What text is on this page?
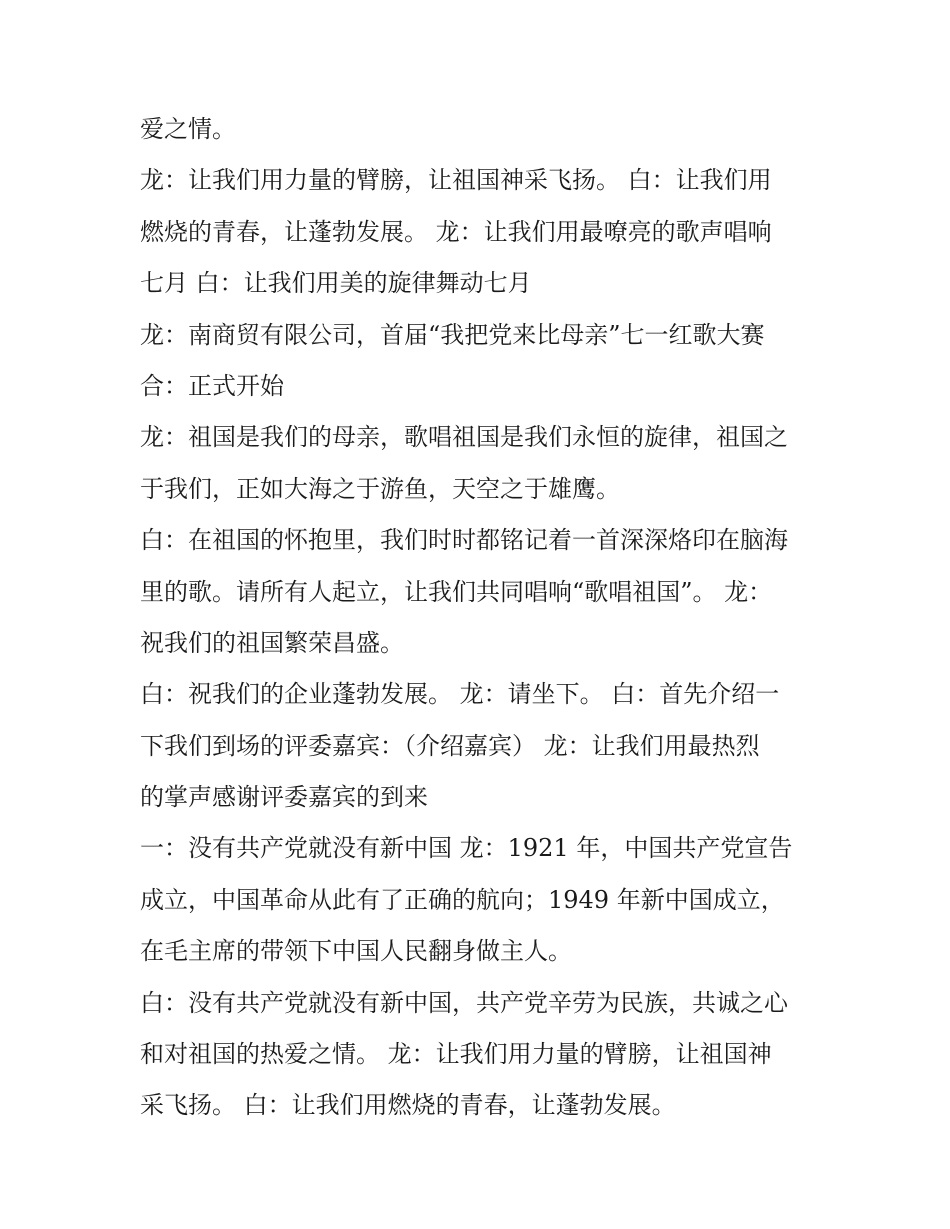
爱之情。
龙：让我们用力量的臂膀，让祖国神采飞扬。 白：让我们用
燃烧的青春，让蓬勃发展。 龙：让我们用最嘹亮的歌声唱响
七月 白：让我们用美的旋律舞动七月
龙：南商贸有限公司，首届“我把党来比母亲”七一红歌大赛
合：正式开始
龙：祖国是我们的母亲，歌唱祖国是我们永恒的旋律，祖国之
于我们，正如大海之于游鱼，天空之于雄鹰。
白：在祖国的怀抱里，我们时时都铭记着一首深深烙印在脑海
里的歌。请所有人起立，让我们共同唱响“歌唱祖国”。 龙：
祝我们的祖国繁荣昌盛。
白：祝我们的企业蓬勃发展。 龙：请坐下。 白：首先介绍一
下我们到场的评委嘉宾：（介绍嘉宾） 龙：让我们用最热烈
的掌声感谢评委嘉宾的到来
一：没有共产党就没有新中国 龙：1921 年，中国共产党宣告
成立，中国革命从此有了正确的航向；1949 年新中国成立，
在毛主席的带领下中国人民翻身做主人。
白：没有共产党就没有新中国，共产党辛劳为民族，共诚之心
和对祖国的热爱之情。 龙：让我们用力量的臂膀，让祖国神
采飞扬。 白：让我们用燃烧的青春，让蓬勃发展。
